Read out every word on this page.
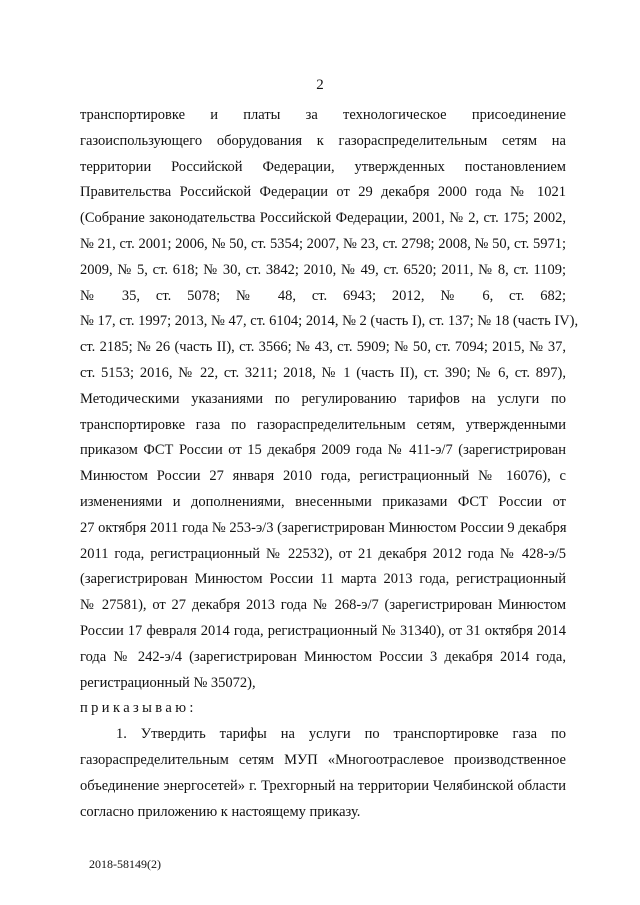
2
транспортировке и платы за технологическое присоединение
газоиспользующего оборудования к газораспределительным сетям на
территории Российской Федерации, утвержденных постановлением
Правительства Российской Федерации от 29 декабря 2000 года № 1021
(Собрание законодательства Российской Федерации, 2001, № 2, ст. 175; 2002,
№ 21, ст. 2001; 2006, № 50, ст. 5354; 2007, № 23, ст. 2798; 2008, № 50, ст. 5971;
2009, № 5, ст. 618; № 30, ст. 3842; 2010, № 49, ст. 6520; 2011, № 8, ст. 1109;
№ 35, ст. 5078; № 48, ст. 6943; 2012, № 6, ст. 682;
№ 17, ст. 1997; 2013, № 47, ст. 6104; 2014, № 2 (часть I), ст. 137; № 18 (часть IV),
ст. 2185; № 26 (часть II), ст. 3566; № 43, ст. 5909; № 50, ст. 7094; 2015, № 37,
ст. 5153; 2016, № 22, ст. 3211; 2018, № 1 (часть II), ст. 390; № 6, ст. 897),
Методическими указаниями по регулированию тарифов на услуги по
транспортировке газа по газораспределительным сетям, утвержденными
приказом ФСТ России от 15 декабря 2009 года № 411-э/7 (зарегистрирован
Минюстом России 27 января 2010 года, регистрационный № 16076), с
изменениями и дополнениями, внесенными приказами ФСТ России от
27 октября 2011 года № 253-э/3 (зарегистрирован Минюстом России 9 декабря
2011 года, регистрационный № 22532), от 21 декабря 2012 года № 428-э/5
(зарегистрирован Минюстом России 11 марта 2013 года, регистрационный
№ 27581), от 27 декабря 2013 года № 268-э/7 (зарегистрирован Минюстом
России 17 февраля 2014 года, регистрационный № 31340), от 31 октября 2014
года № 242-э/4 (зарегистрирован Минюстом России 3 декабря 2014 года,
регистрационный № 35072),
приказываю:
1. Утвердить тарифы на услуги по транспортировке газа по
газораспределительным сетям МУП «Многоотраслевое производственное
объединение энергосетей» г. Трехгорный на территории Челябинской области
согласно приложению к настоящему приказу.
2018-58149(2)
